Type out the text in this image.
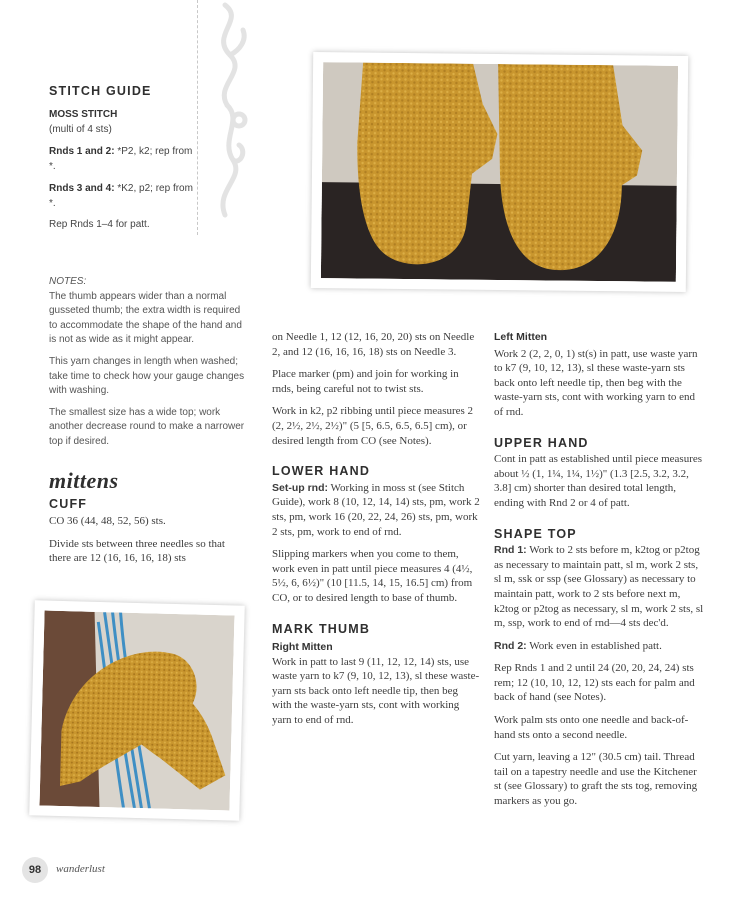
STITCH GUIDE
MOSS STITCH
(multi of 4 sts)
Rnds 1 and 2: *P2, k2; rep from *.
Rnds 3 and 4: *K2, p2; rep from *.
Rep Rnds 1–4 for patt.

NOTES:

The thumb appears wider than a normal gusseted thumb; the extra width is required to accommodate the shape of the hand and is not as wide as it might appear.

This yarn changes in length when washed; take time to check how your gauge changes with washing.

The smallest size has a wide top; work another decrease round to make a narrower top if desired.

mittens
CUFF

CO 36 (44, 48, 52, 56) sts.

Divide sts between three needles so that there are 12 (16, 16, 16, 18) sts

on Needle 1, 12 (12, 16, 20, 20) sts on Needle 2, and 12 (16, 16, 16, 18) sts on Needle 3.

Place marker (pm) and join for working in rnds, being careful not to twist sts.

Work in k2, p2 ribbing until piece measures 2 (2, 2½, 2½, 2½)" (5 [5, 6.5, 6.5, 6.5] cm), or desired length from CO (see Notes).

LOWER HAND

Set-up rnd: Working in moss st (see Stitch Guide), work 8 (10, 12, 14, 14) sts, pm, work 2 sts, pm, work 16 (20, 22, 24, 26) sts, pm, work 2 sts, pm, work to end of rnd.

Slipping markers when you come to them, work even in patt until piece measures 4 (4½, 5½, 6, 6½)" (10 [11.5, 14, 15, 16.5] cm) from CO, or to desired length to base of thumb.

MARK THUMB
Right Mitten

Work in patt to last 9 (11, 12, 12, 14) sts, use waste yarn to k7 (9, 10, 12, 13), sl these waste-yarn sts back onto left needle tip, then beg with the waste-yarn sts, cont with working yarn to end of rnd.

Left Mitten

Work 2 (2, 2, 0, 1) st(s) in patt, use waste yarn to k7 (9, 10, 12, 13), sl these waste-yarn sts back onto left needle tip, then beg with the waste-yarn sts, cont with working yarn to end of rnd.

UPPER HAND

Cont in patt as established until piece measures about ½ (1, 1¼, 1¼, 1½)" (1.3 [2.5, 3.2, 3.2, 3.8] cm) shorter than desired total length, ending with Rnd 2 or 4 of patt.

SHAPE TOP

Rnd 1: Work to 2 sts before m, k2tog or p2tog as necessary to maintain patt, sl m, work 2 sts, sl m, ssk or ssp (see Glossary) as necessary to maintain patt, work to 2 sts before next m, k2tog or p2tog as necessary, sl m, work 2 sts, sl m, ssp, work to end of rnd—4 sts dec'd.

Rnd 2: Work even in established patt.

Rep Rnds 1 and 2 until 24 (20, 20, 24, 24) sts rem; 12 (10, 10, 12, 12) sts each for palm and back of hand (see Notes).

Work palm sts onto one needle and back-of-hand sts onto a second needle.

Cut yarn, leaving a 12" (30.5 cm) tail. Thread tail on a tapestry needle and use the Kitchener st (see Glossary) to graft the sts tog, removing markers as you go.

98	wanderlust
